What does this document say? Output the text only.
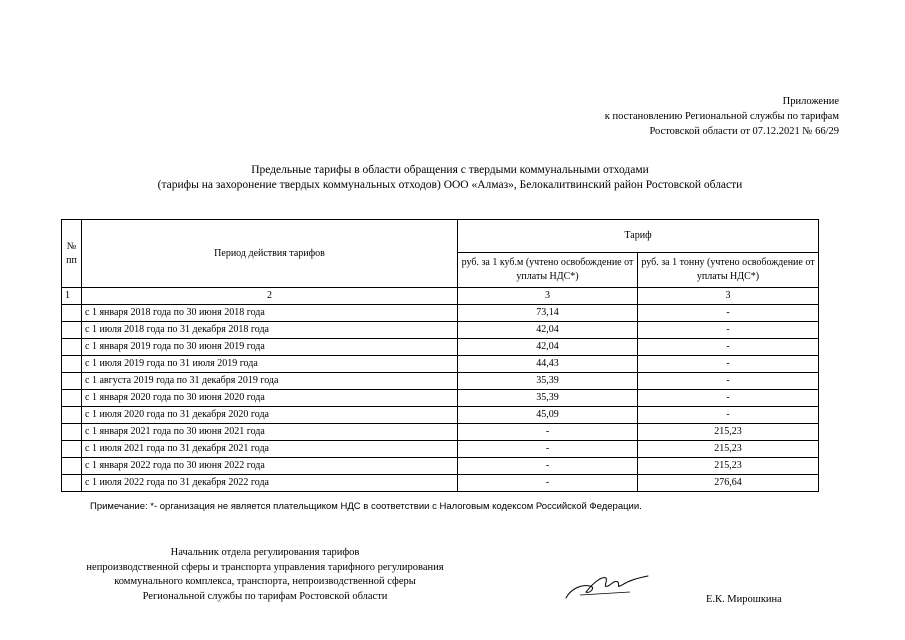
Приложение
к постановлению Региональной службы по тарифам
Ростовской области от 07.12.2021 № 66/29
Предельные тарифы в области обращения с твердыми коммунальными отходами
(тарифы на захоронение твердых коммунальных отходов) ООО «Алмаз», Белокалитвинский район Ростовской области
№ пп	Период действия тарифов	Тариф	
		руб. за 1 куб.м (учтено освобождение от уплаты НДС*)	руб. за 1 тонну (учтено освобождение от уплаты НДС*)
1	2	3	3
	с 1 января 2018 года по 30 июня 2018 года	73,14	-
	с 1 июля 2018 года по 31 декабря 2018 года	42,04	-
	с 1 января 2019 года по 30 июня 2019 года	42,04	-
	с 1 июля 2019 года по 31 июля 2019 года	44,43	-
	с 1 августа 2019 года по 31 декабря 2019 года	35,39	-
	с 1 января 2020 года по 30 июня 2020 года	35,39	-
	с 1 июля 2020 года по 31 декабря 2020 года	45,09	-
	с 1 января 2021 года по 30 июня 2021 года	-	215,23
	с 1 июля 2021 года по 31 декабря 2021 года	-	215,23
	с 1 января 2022 года по 30 июня 2022 года	-	215,23
	с 1 июля 2022 года по 31 декабря 2022 года	-	276,64
Примечание: *- организация не является плательщиком НДС в соответствии с Налоговым кодексом Российской Федерации.
Начальник отдела регулирования тарифов
непроизводственной сферы и транспорта управления тарифного регулирования
коммунального комплекса, транспорта, непроизводственной сферы
Региональной службы по тарифам Ростовской области	Е.К. Мирошкина
